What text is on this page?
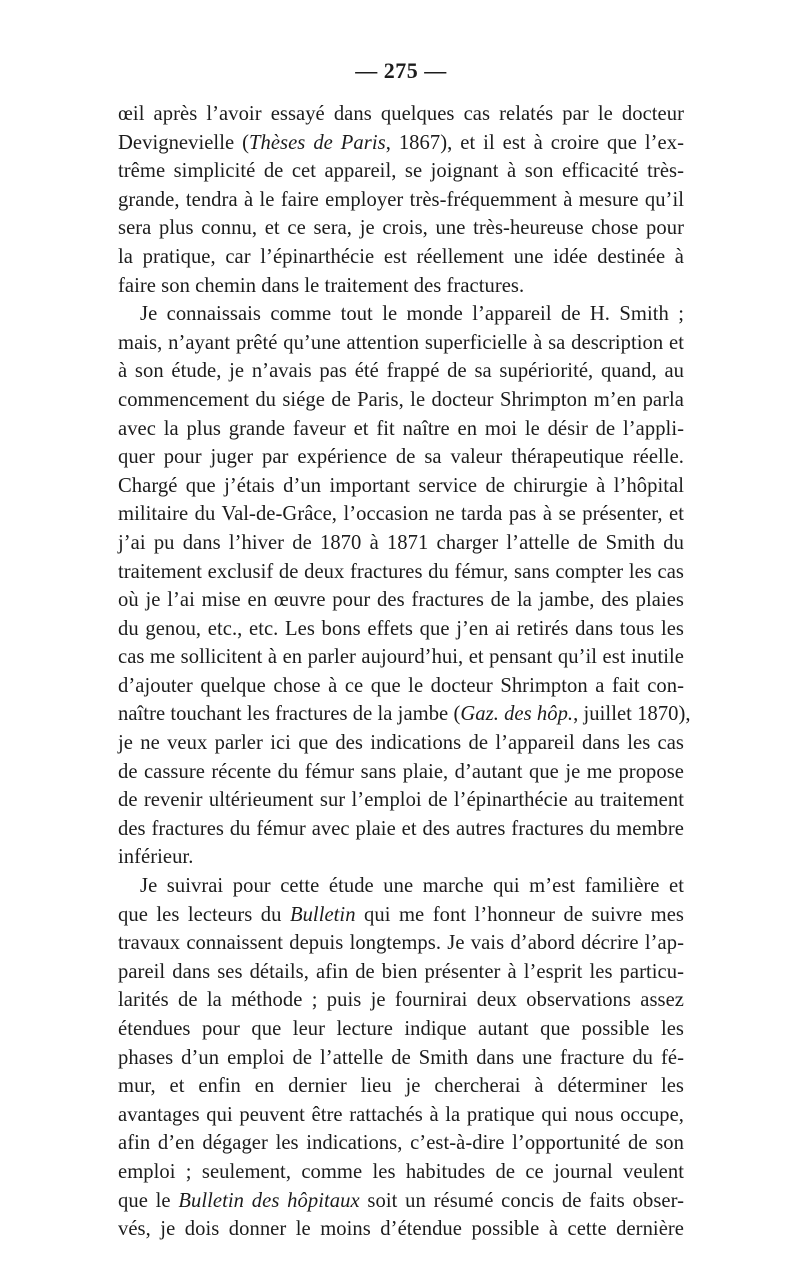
— 275 —
œil après l’avoir essayé dans quelques cas relatés par le docteur
Devignevielle (Thèses de Paris, 1867), et il est à croire que l’ex-
trême simplicité de cet appareil, se joignant à son efficacité très-
grande, tendra à le faire employer très-fréquemment à mesure qu’il
sera plus connu, et ce sera, je crois, une très-heureuse chose pour
la pratique, car l’épinarthécie est réellement une idée destinée à
faire son chemin dans le traitement des fractures.
Je connaissais comme tout le monde l’appareil de H. Smith ;
mais, n’ayant prêté qu’une attention superficielle à sa description et
à son étude, je n’avais pas été frappé de sa supériorité, quand, au
commencement du siége de Paris, le docteur Shrimpton m’en parla
avec la plus grande faveur et fit naître en moi le désir de l’appli-
quer pour juger par expérience de sa valeur thérapeutique réelle.
Chargé que j’étais d’un important service de chirurgie à l’hôpital
militaire du Val-de-Grâce, l’occasion ne tarda pas à se présenter, et
j’ai pu dans l’hiver de 1870 à 1871 charger l’attelle de Smith du
traitement exclusif de deux fractures du fémur, sans compter les cas
où je l’ai mise en œuvre pour des fractures de la jambe, des plaies
du genou, etc., etc. Les bons effets que j’en ai retirés dans tous les
cas me sollicitent à en parler aujourd’hui, et pensant qu’il est inutile
d’ajouter quelque chose à ce que le docteur Shrimpton a fait con-
naître touchant les fractures de la jambe (Gaz. des hôp., juillet 1870),
je ne veux parler ici que des indications de l’appareil dans les cas
de cassure récente du fémur sans plaie, d’autant que je me propose
de revenir ultérieument sur l’emploi de l’épinarthécie au traitement
des fractures du fémur avec plaie et des autres fractures du membre
inférieur.
Je suivrai pour cette étude une marche qui m’est familière et
que les lecteurs du Bulletin qui me font l’honneur de suivre mes
travaux connaissent depuis longtemps. Je vais d’abord décrire l’ap-
pareil dans ses détails, afin de bien présenter à l’esprit les particu-
larités de la méthode ; puis je fournirai deux observations assez
étendues pour que leur lecture indique autant que possible les
phases d’un emploi de l’attelle de Smith dans une fracture du fé-
mur, et enfin en dernier lieu je chercherai à déterminer les
avantages qui peuvent être rattachés à la pratique qui nous occupe,
afin d’en dégager les indications, c’est-à-dire l’opportunité de son
emploi ; seulement, comme les habitudes de ce journal veulent
que le Bulletin des hôpitaux soit un résumé concis de faits obser-
vés, je dois donner le moins d’étendue possible à cette dernière
